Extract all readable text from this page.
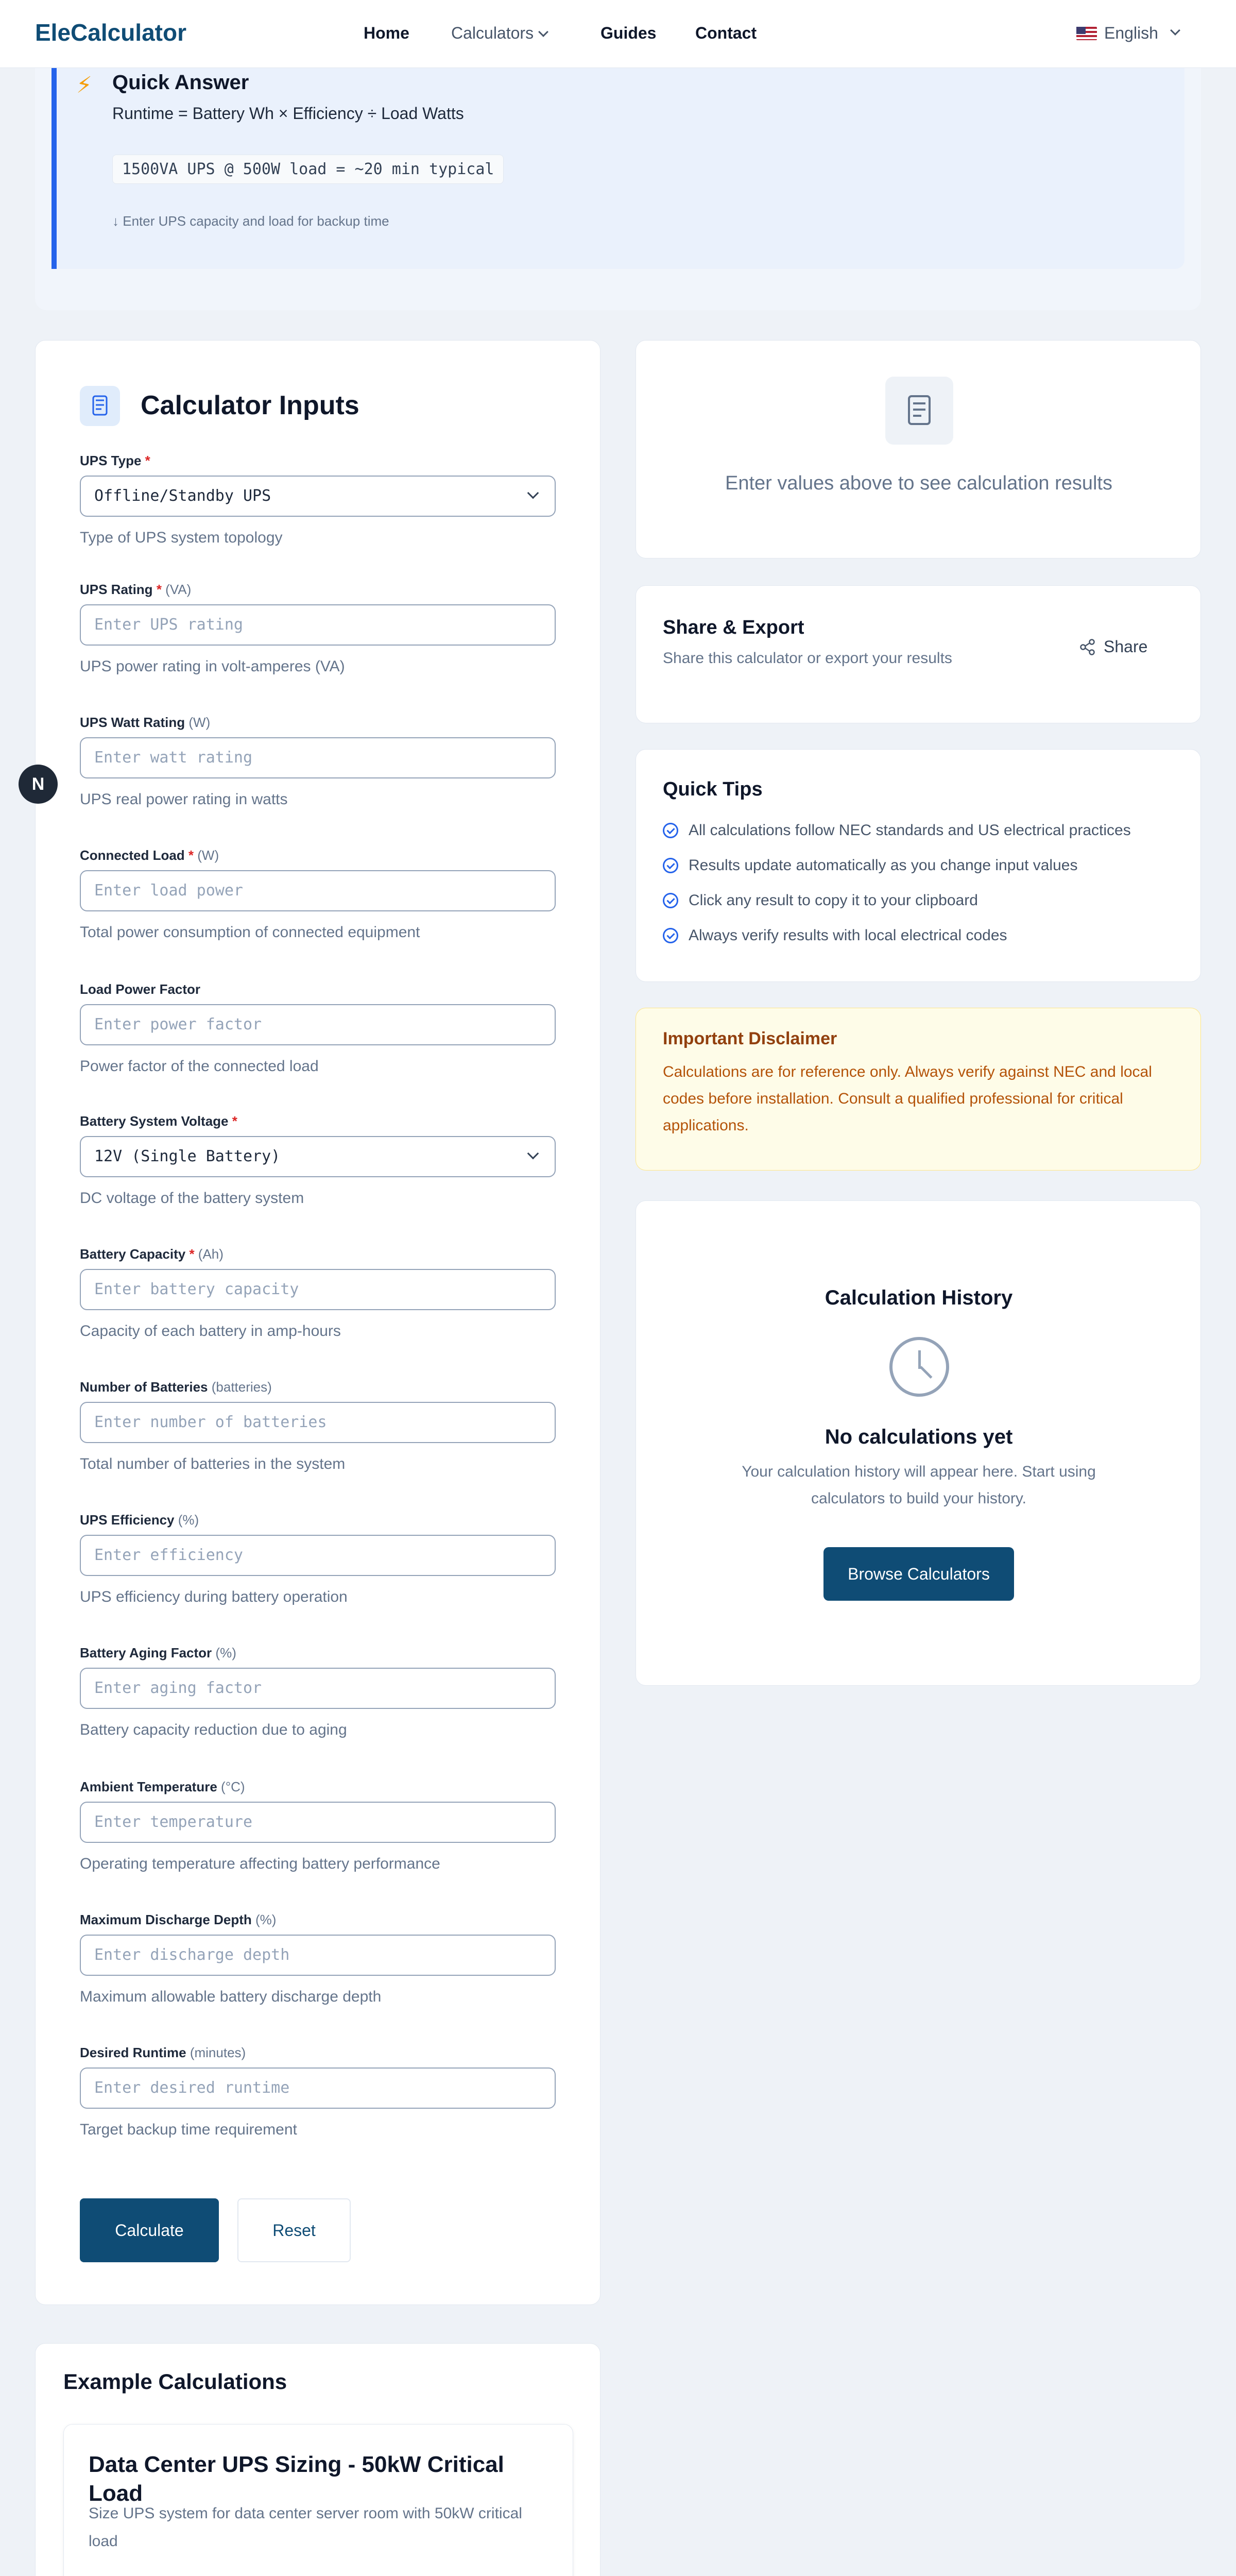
EleCalculator	Home	Calculators	Guides Contact	English
⚡ Quick Answer
Runtime = Battery Wh × Efficiency ÷ Load Watts
1500VA UPS @ 500W load = ~20 min typical
↓ Enter UPS capacity and load for backup time
Calculator Inputs
UPS Type *
Offline/Standby UPS
Type of UPS system topology
UPS Rating * (VA)
Enter UPS rating
UPS power rating in volt-amperes (VA)
UPS Watt Rating (W)
Enter watt rating
UPS real power rating in watts
Connected Load * (W)
Enter load power
Total power consumption of connected equipment
Load Power Factor
Enter power factor
Power factor of the connected load
Battery System Voltage *
12V (Single Battery)
DC voltage of the battery system
Battery Capacity * (Ah)
Enter battery capacity
Capacity of each battery in amp-hours
Number of Batteries (batteries)
Enter number of batteries
Total number of batteries in the system
UPS Efficiency (%)
Enter efficiency
UPS efficiency during battery operation
Battery Aging Factor (%)
Enter aging factor
Battery capacity reduction due to aging
Ambient Temperature (°C)
Enter temperature
Operating temperature affecting battery performance
Maximum Discharge Depth (%)
Enter discharge depth
Maximum allowable battery discharge depth
Desired Runtime (minutes)
Enter desired runtime
Target backup time requirement
Calculate	Reset
Enter values above to see calculation results
Share & Export
Share this calculator or export your results
Share
Quick Tips
All calculations follow NEC standards and US electrical practices
Results update automatically as you change input values
Click any result to copy it to your clipboard
Always verify results with local electrical codes
Important Disclaimer
Calculations are for reference only. Always verify against NEC and local codes before installation. Consult a qualified professional for critical applications.
Calculation History
No calculations yet
Your calculation history will appear here. Start using calculators to build your history.
Browse Calculators
Example Calculations
Data Center UPS Sizing - 50kW Critical Load
Size UPS system for data center server room with 50kW critical load
N
